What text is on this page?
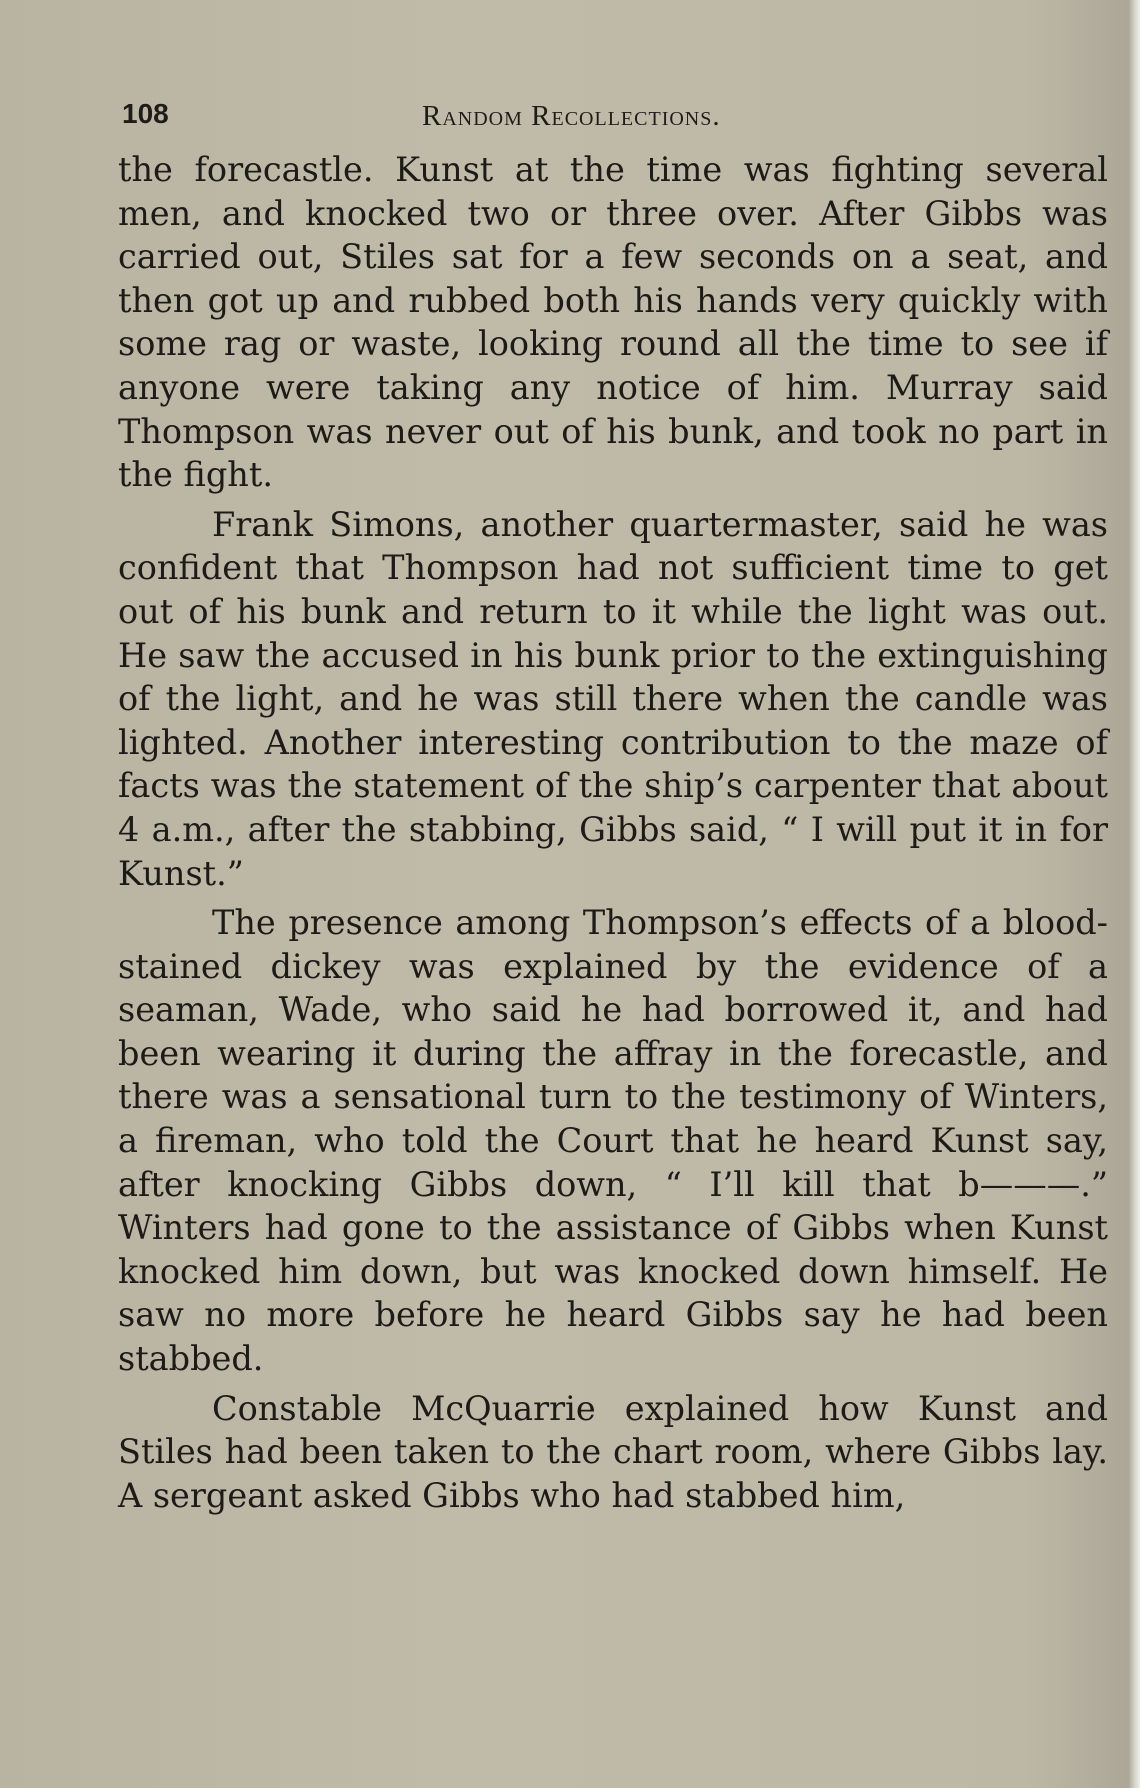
108	Random Recollections.

the forecastle. Kunst at the time was fighting several men, and knocked two or three over. After Gibbs was carried out, Stiles sat for a few seconds on a seat, and then got up and rubbed both his hands very quickly with some rag or waste, looking round all the time to see if anyone were taking any notice of him. Murray said Thompson was never out of his bunk, and took no part in the fight.

Frank Simons, another quartermaster, said he was confident that Thompson had not sufficient time to get out of his bunk and return to it while the light was out. He saw the accused in his bunk prior to the extinguishing of the light, and he was still there when the candle was lighted. Another interesting contribution to the maze of facts was the statement of the ship’s carpenter that about 4 a.m., after the stabbing, Gibbs said, “ I will put it in for Kunst.”

The presence among Thompson’s effects of a blood-stained dickey was explained by the evidence of a seaman, Wade, who said he had borrowed it, and had been wearing it during the affray in the forecastle, and there was a sensational turn to the testimony of Winters, a fireman, who told the Court that he heard Kunst say, after knocking Gibbs down, “ I’ll kill that b———.” Winters had gone to the assistance of Gibbs when Kunst knocked him down, but was knocked down himself. He saw no more before he heard Gibbs say he had been stabbed.

Constable McQuarrie explained how Kunst and Stiles had been taken to the chart room, where Gibbs lay. A sergeant asked Gibbs who had stabbed him,
